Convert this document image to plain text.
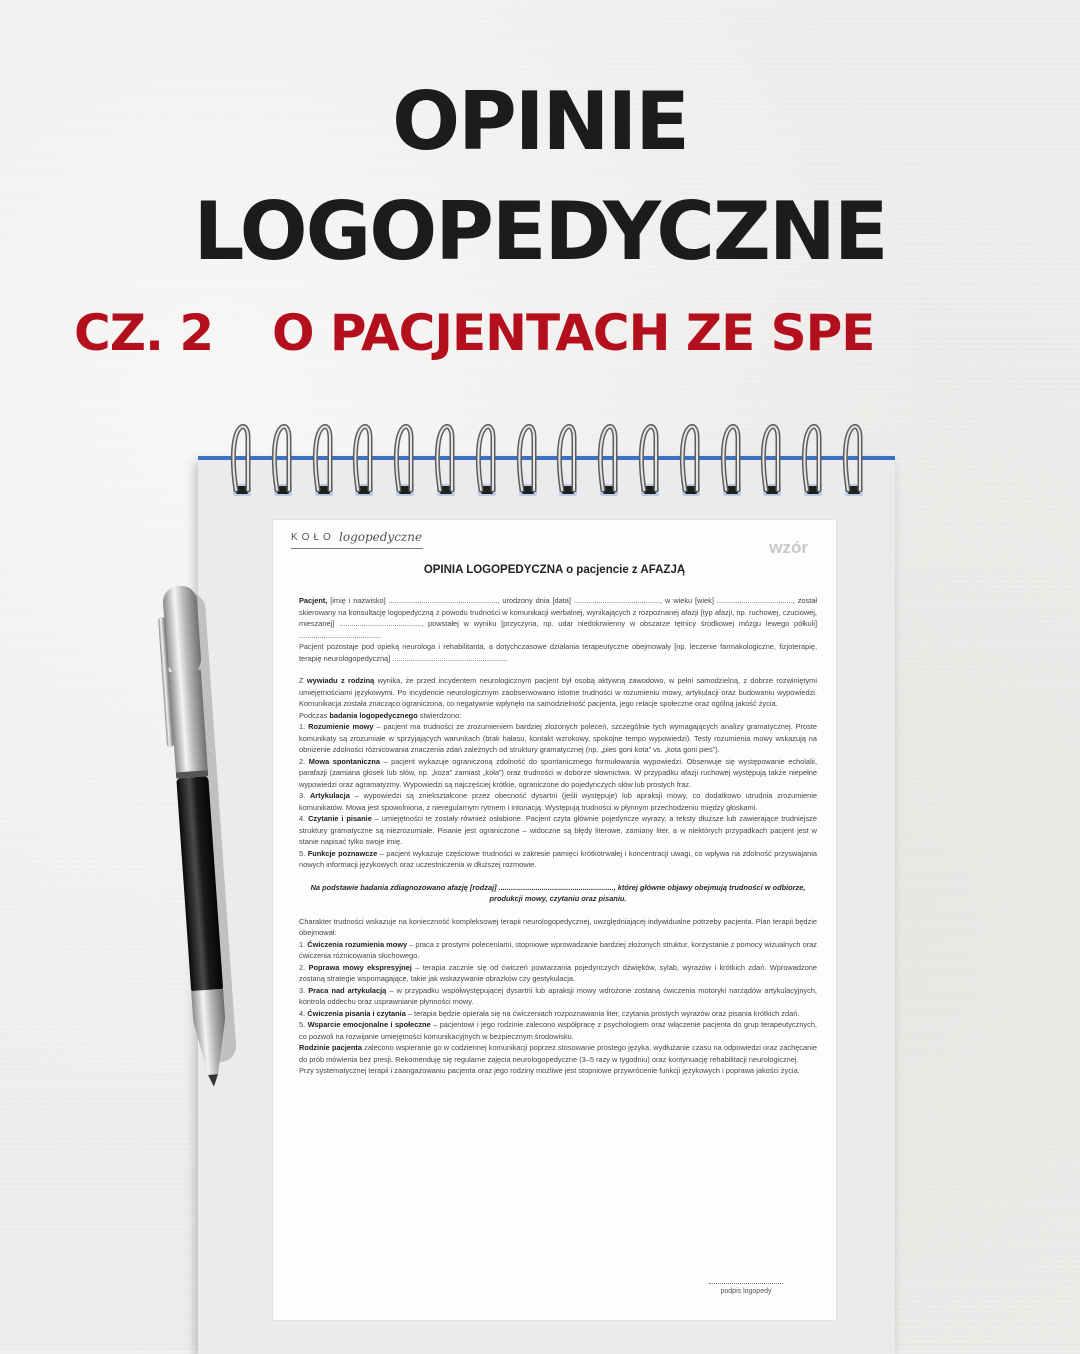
OPINIE
LOGOPEDYCZNE
CZ. 2 O PACJENTACH ZE SPE
KOŁO logopedyczne
wzór
OPINIA LOGOPEDYCZNA o pacjencie z AFAZJĄ

Pacjent, [imię i nazwisko] ....................................................., urodzony dnia [data] .........................................., w wieku [wiek] ....................................., został skierowany na konsultację logopedyczną z powodu trudności w komunikacji werbalnej, wynikających z rozpoznanej afazji [typ afazji, np. ruchowej, czuciowej, mieszanej] ........................................, powstałej w wyniku [przyczyna, np. udar niedokrwienny w obszarze tętnicy środkowej mózgu lewego półkuli] ........................................

Pacjent pozostaje pod opieką neurologa i rehabilitanta, a dotychczasowe działania terapeutyczne obejmowały [np. leczenie farmakologiczne, fizjoterapię, terapię neurologopedyczną] ........................................................

Z wywiadu z rodziną wynika, że przed incydentem neurologicznym pacjent był osobą aktywną zawodowo, w pełni samodzielną, z dobrze rozwiniętymi umiejętnościami językowymi. Po incydencie neurologicznym zaobserwowano istotne trudności w rozumieniu mowy, artykulacji oraz budowaniu wypowiedzi. Komunikacja została znacząco ograniczona, co negatywnie wpłynęło na samodzielność pacjenta, jego relacje społeczne oraz ogólną jakość życia.

Podczas badania logopedycznego stwierdzono:

1. Rozumienie mowy – pacjent ma trudności ze zrozumieniem bardziej złożonych poleceń, szczególnie tych wymagających analizy gramatycznej. Proste komunikaty są zrozumiałe w sprzyjających warunkach (brak hałasu, kontakt wzrokowy, spokojne tempo wypowiedzi). Testy rozumienia mowy wskazują na obniżenie zdolności różnicowania znaczenia zdań zależnych od struktury gramatycznej (np. „pies goni kota” vs. „kota goni pies”).

2. Mowa spontaniczna – pacjent wykazuje ograniczoną zdolność do spontanicznego formułowania wypowiedzi. Obserwuje się występowanie echolalii, parafazji (zamiana głosek lub słów, np. „koza” zamiast „koła”) oraz trudności w doborze słownictwa. W przypadku afazji ruchowej występują także niepełne wypowiedzi oraz agramatyzmy. Wypowiedzi są najczęściej krótkie, ograniczone do pojedynczych słów lub prostych fraz.

3. Artykulacja – wypowiedzi są zniekształcone przez obecność dysartrii (jeśli występuje) lub apraksji mowy, co dodatkowo utrudnia zrozumienie komunikatów. Mowa jest spowolniona, z nieregularnym rytmem i intonacją. Występują trudności w płynnym przechodzeniu między głoskami.

4. Czytanie i pisanie – umiejętności te zostały również osłabione. Pacjent czyta głównie pojedyncze wyrazy, a teksty dłuższe lub zawierające trudniejsze struktury gramatyczne są niezrozumiałe. Pisanie jest ograniczone – widoczne są błędy literowe, zamiany liter, a w niektórych przypadkach pacjent jest w stanie napisać tylko swoje imię.

5. Funkcje poznawcze – pacjent wykazuje częściowe trudności w zakresie pamięci krótkotrwałej i koncentracji uwagi, co wpływa na zdolność przyswajania nowych informacji językowych oraz uczestniczenia w dłuższej rozmowie.

Na podstawie badania zdiagnozowano afazję [rodzaj] ........................................................, której główne objawy obejmują trudności w odbiorze, produkcji mowy, czytaniu oraz pisaniu.

Charakter trudności wskazuje na konieczność kompleksowej terapii neurologopedycznej, uwzględniającej indywidualne potrzeby pacjenta. Plan terapii będzie obejmował:

1. Ćwiczenia rozumienia mowy – praca z prostymi poleceniami, stopniowe wprowadzanie bardziej złożonych struktur, korzystanie z pomocy wizualnych oraz ćwiczenia różnicowania słuchowego.

2. Poprawa mowy ekspresyjnej – terapia zacznie się od ćwiczeń powtarzania pojedynczych dźwięków, sylab, wyrazów i krótkich zdań. Wprowadzone zostaną strategie wspomagające, takie jak wskazywanie obrazków czy gestykulacja.

3. Praca nad artykulacją – w przypadku współwystępującej dysartrii lub apraksji mowy wdrożone zostaną ćwiczenia motoryki narządów artykulacyjnych, kontrola oddechu oraz usprawnianie płynności mowy.

4. Ćwiczenia pisania i czytania – terapia będzie opierała się na ćwiczeniach rozpoznawania liter, czytania prostych wyrazów oraz pisania krótkich zdań.

5. Wsparcie emocjonalne i społeczne – pacjentowi i jego rodzinie zalecono współpracę z psychologiem oraz włączenie pacjenta do grup terapeutycznych, co pozwoli na rozwijanie umiejętności komunikacyjnych w bezpiecznym środowisku.

Rodzinie pacjenta zalecono wspieranie go w codziennej komunikacji poprzez stosowanie prostego języka, wydłużanie czasu na odpowiedzi oraz zachęcanie do prób mówienia bez presji. Rekomenduję się regularne zajęcia neurologopedyczne (3–5 razy w tygodniu) oraz kontynuację rehabilitacji neurologicznej.

Przy systematycznej terapii i zaangażowaniu pacjenta oraz jego rodziny możliwe jest stopniowe przywrócenie funkcji językowych i poprawa jakości życia.

podpis logopedy
